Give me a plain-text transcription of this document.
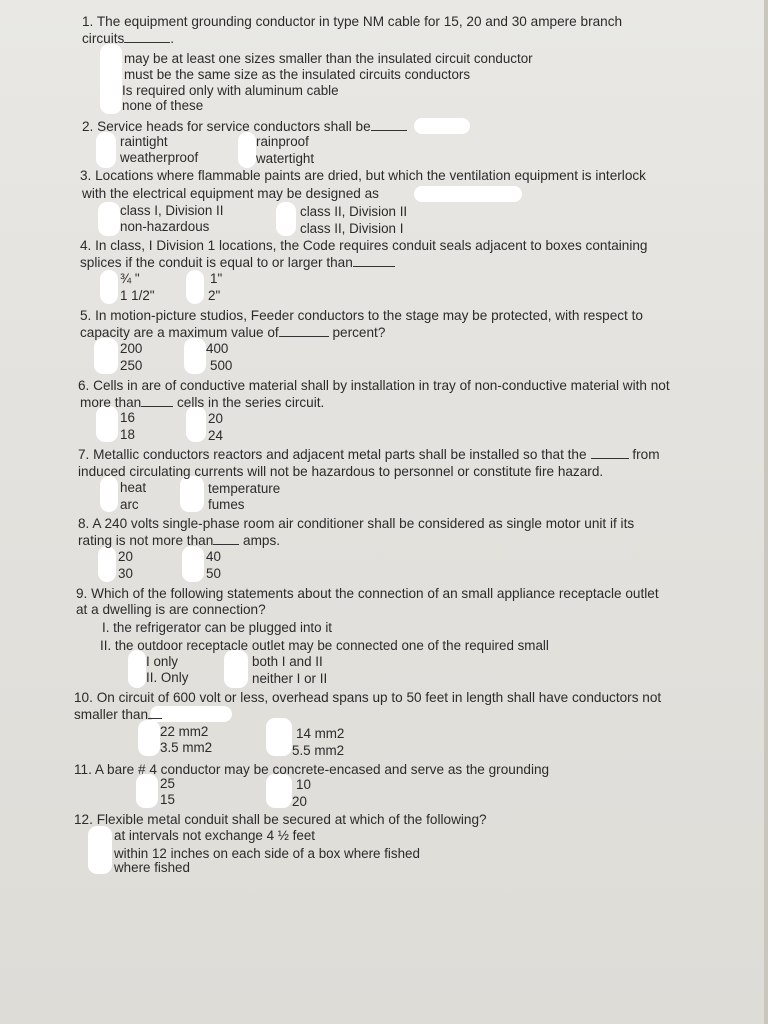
1. The equipment grounding conductor in type NM cable for 15, 20 and 30 ampere branch
circuits	.
may be at least one sizes smaller than the insulated circuit conductor
must be the same size as the insulated circuits conductors
Is required only with aluminum cable
none of these
2. Service heads for service conductors shall be
raintight	rainproof
weatherproof	watertight
3. Locations where flammable paints are dried, but which the ventilation equipment is interlock
with the electrical equipment may be designed as
class I, Division II	class II, Division II
non-hazardous	class II, Division I
4. In class, I Division 1 locations, the Code requires conduit seals adjacent to boxes containing
splices if the conduit is equal to or larger than
¾ "	1"
1 1/2"	2"
5. In motion-picture studios, Feeder conductors to the stage may be protected, with respect to
capacity are a maximum value of	percent?
200	400
250	500
6. Cells in are of conductive material shall by installation in tray of non-conductive material with not
more than	cells in the series circuit.
16	20
18	24
7. Metallic conductors reactors and adjacent metal parts shall be installed so that the	from
induced circulating currents will not be hazardous to personnel or constitute fire hazard.
heat	temperature
arc	fumes
8. A 240 volts single-phase room air conditioner shall be considered as single motor unit if its
rating is not more than amps.
20	40
30	50
9. Which of the following statements about the connection of an small appliance receptacle outlet
at a dwelling is are connection?
I. the refrigerator can be plugged into it
II. the outdoor receptacle outlet may be connected one of the required small
I only	both I and II
II. Only	neither I or II
10. On circuit of 600 volt or less, overhead spans up to 50 feet in length shall have conductors not
smaller than
22 mm2	14 mm2
3.5 mm2	5.5 mm2
11. A bare # 4 conductor may be concrete-encased and serve as the grounding
25	10
15	20
12. Flexible metal conduit shall be secured at which of the following?
at intervals not exchange 4 ½ feet
within 12 inches on each side of a box where fished
where fished
